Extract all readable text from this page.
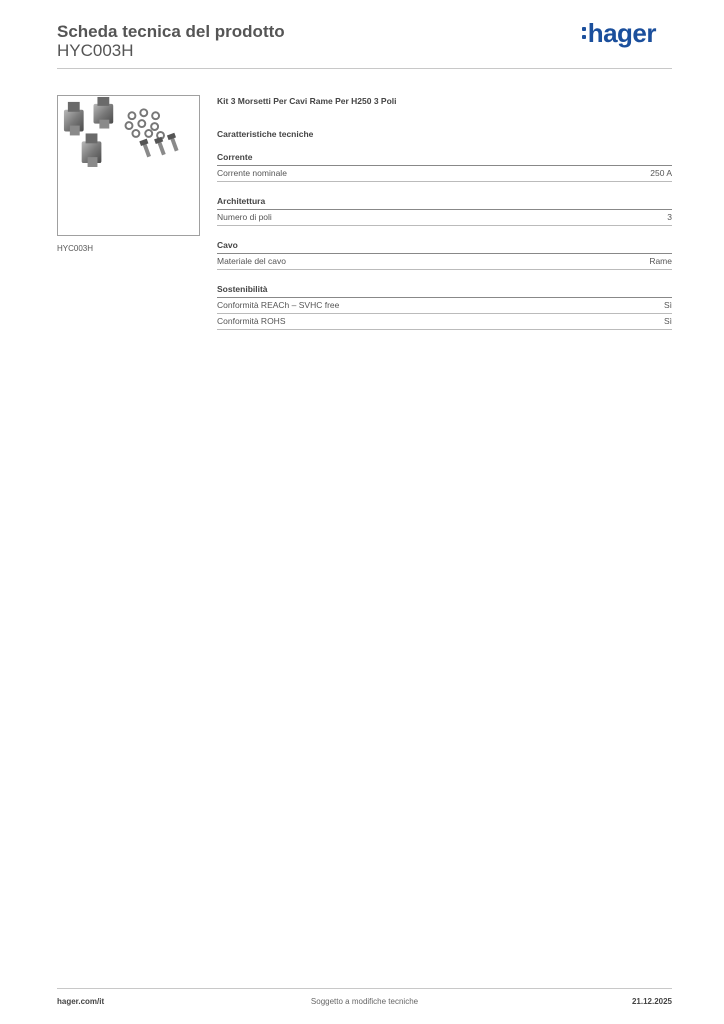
Scheda tecnica del prodotto
HYC003H
hager
HYC003H
Kit 3 Morsetti Per Cavi Rame Per H250 3 Poli
Caratteristiche tecniche
Corrente
Corrente nominale	250 A
Architettura
Numero di poli	3
Cavo
Materiale del cavo	Rame
Sostenibilità
Conformità REACh – SVHC free	Sì
Conformità ROHS	Sì
hager.com/it	Soggetto a modifiche tecniche	21.12.2025
